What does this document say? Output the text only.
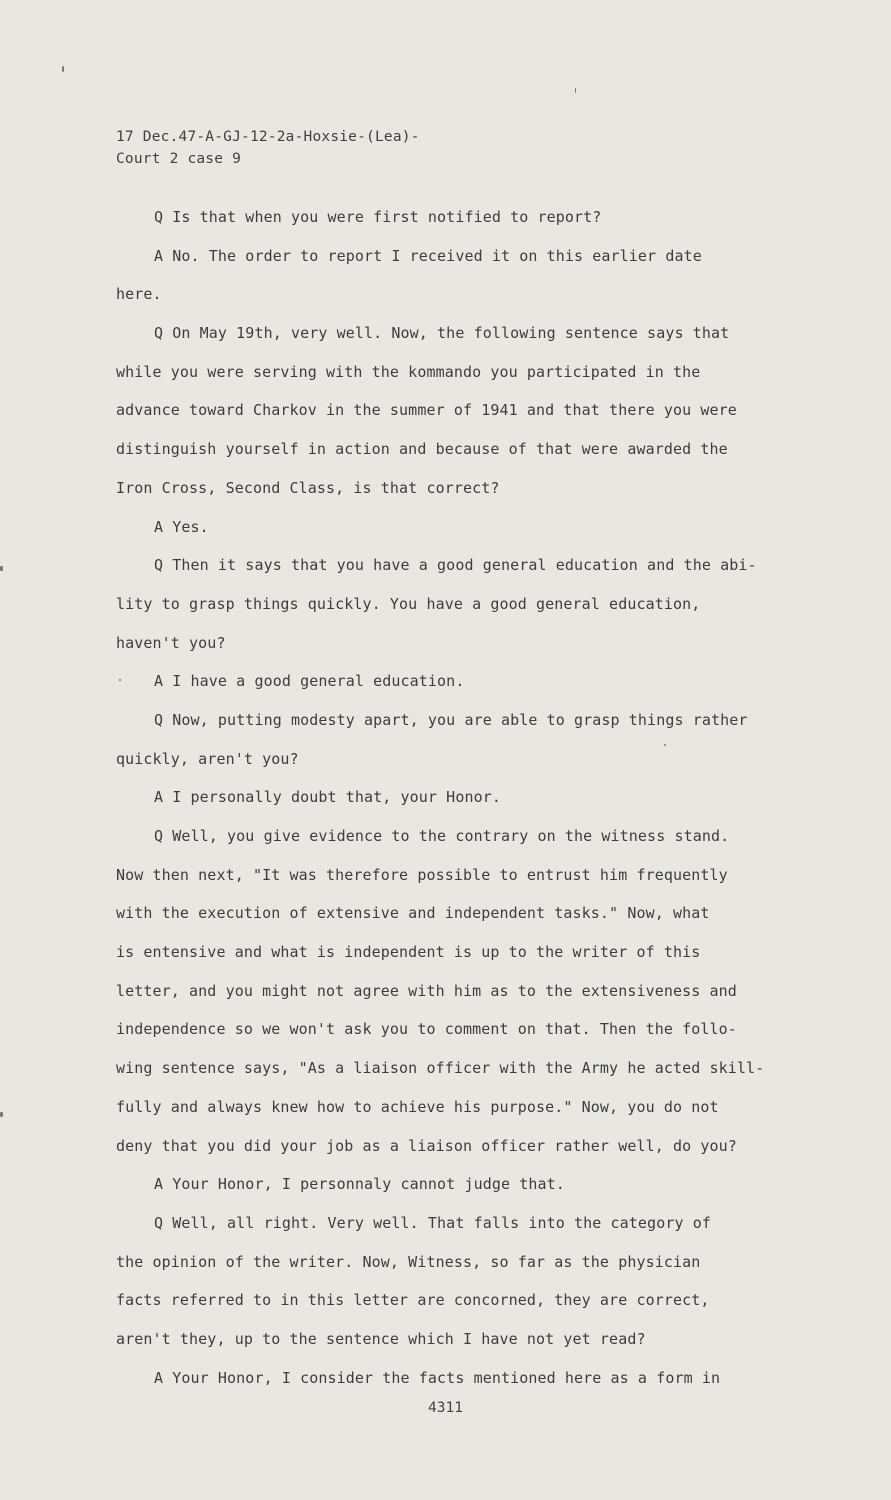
17 Dec.47-A-GJ-12-2a-Hoxsie-(Lea)-
Court 2 case 9
Q Is that when you were first notified to report?
A No. The order to report I received it on this earlier date
here.
Q On May 19th, very well. Now, the following sentence says that
while you were serving with the kommando you participated in the
advance toward Charkov in the summer of 1941 and that there you were
distinguish yourself in action and because of that were awarded the
Iron Cross, Second Class, is that correct?
A Yes.
Q Then it says that you have a good general education and the abi-
lity to grasp things quickly. You have a good general education,
haven't you?
A I have a good general education.
Q Now, putting modesty apart, you are able to grasp things rather
quickly, aren't you?
A I personally doubt that, your Honor.
Q Well, you give evidence to the contrary on the witness stand.
Now then next, "It was therefore possible to entrust him frequently
with the execution of extensive and independent tasks." Now, what
is entensive and what is independent is up to the writer of this
letter, and you might not agree with him as to the extensiveness and
independence so we won't ask you to comment on that. Then the follo-
wing sentence says, "As a liaison officer with the Army he acted skill-
fully and always knew how to achieve his purpose." Now, you do not
deny that you did your job as a liaison officer rather well, do you?
A Your Honor, I personnaly cannot judge that.
Q Well, all right. Very well. That falls into the category of
the opinion of the writer. Now, Witness, so far as the physician
facts referred to in this letter are concorned, they are correct,
aren't they, up to the sentence which I have not yet read?
A Your Honor, I consider the facts mentioned here as a form in
4311
